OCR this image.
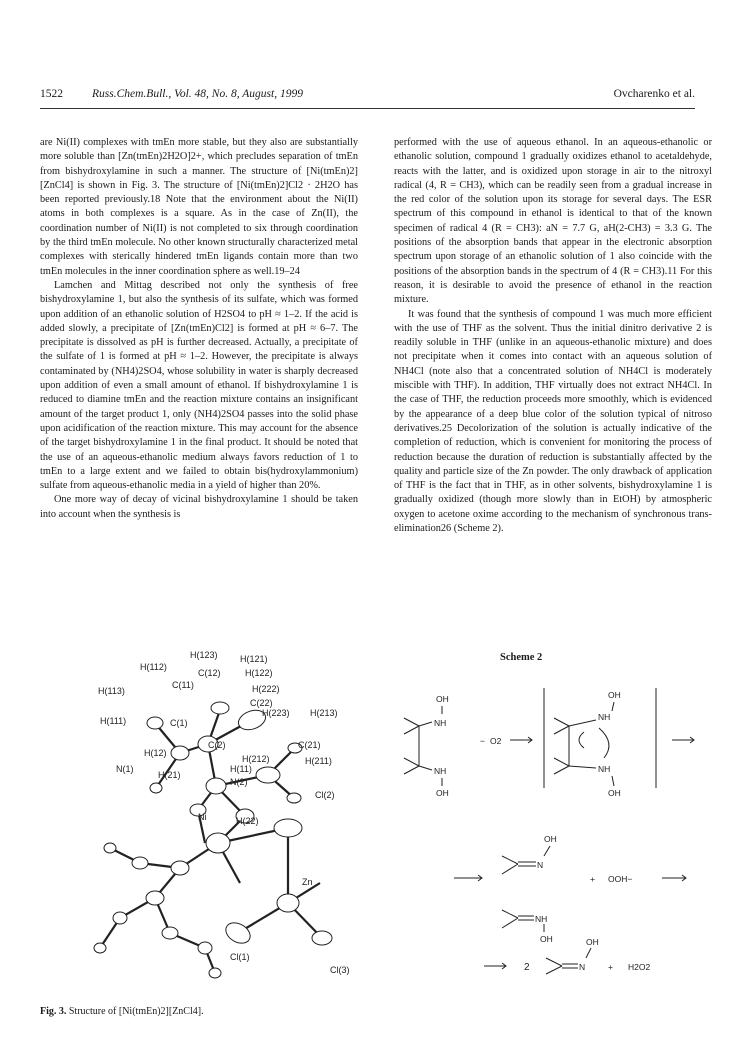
1522	Russ.Chem.Bull., Vol. 48, No. 8, August, 1999	Ovcharenko et al.

are Ni(II) complexes with tmEn more stable, but they also are substantially more soluble than [Zn(tmEn)2H2O]2+, which precludes separation of tmEn from bishydroxylamine in such a manner. The structure of [Ni(tmEn)2][ZnCl4] is shown in Fig. 3. The structure of [Ni(tmEn)2]Cl2 · 2H2O has been reported previously.18 Note that the environment about the Ni(II) atoms in both complexes is a square. As in the case of Zn(II), the coordination number of Ni(II) is not completed to six through coordination by the third tmEn molecule. No other known structurally characterized metal complexes with sterically hindered tmEn ligands contain more than two tmEn molecules in the inner coordination sphere as well.19–24

Lamchen and Mittag described not only the synthesis of free bishydroxylamine 1, but also the synthesis of its sulfate, which was formed upon addition of an ethanolic solution of H2SO4 to pH ≈ 1–2. If the acid is added slowly, a precipitate of [Zn(tmEn)Cl2] is formed at pH ≈ 6–7. The precipitate is dissolved as pH is further decreased. Actually, a precipitate of the sulfate of 1 is formed at pH ≈ 1–2. However, the precipitate is always contaminated by (NH4)2SO4, whose solubility in water is sharply decreased upon addition of even a small amount of ethanol. If bishydroxylamine 1 is reduced to diamine tmEn and the reaction mixture contains an insignificant amount of the target product 1, only (NH4)2SO4 passes into the solid phase upon acidification of the reaction mixture. This may account for the absence of the target bishydroxylamine 1 in the final product. It should be noted that the use of an aqueous-ethanolic medium always favors reduction of 1 to tmEn to a large extent and we failed to obtain bis(hydroxylammonium) sulfate from aqueous-ethanolic media in a yield of higher than 20%.

One more way of decay of vicinal bishydroxylamine 1 should be taken into account when the synthesis is

performed with the use of aqueous ethanol. In an aqueous-ethanolic or ethanolic solution, compound 1 gradually oxidizes ethanol to acetaldehyde, reacts with the latter, and is oxidized upon storage in air to the nitroxyl radical (4, R = CH3), which can be readily seen from a gradual increase in the red color of the solution upon its storage for several days. The ESR spectrum of this compound in ethanol is identical to that of the known specimen of radical 4 (R = CH3): aN = 7.7 G, aH(2-CH3) = 3.3 G. The positions of the absorption bands that appear in the electronic absorption spectrum upon storage of an ethanolic solution of 1 also coincide with the positions of the absorption bands in the spectrum of 4 (R = CH3).11 For this reason, it is desirable to avoid the presence of ethanol in the reaction mixture.

It was found that the synthesis of compound 1 was much more efficient with the use of THF as the solvent. Thus the initial dinitro derivative 2 is readily soluble in THF (unlike in an aqueous-ethanolic mixture) and does not precipitate when it comes into contact with an aqueous solution of NH4Cl (note also that a concentrated solution of NH4Cl is moderately miscible with THF). In addition, THF virtually does not extract NH4Cl. In the case of THF, the reduction proceeds more smoothly, which is evidenced by the appearance of a deep blue color of the solution typical of nitroso derivatives.25 Decolorization of the solution is actually indicative of the completion of reduction, which is convenient for monitoring the process of reduction because the duration of reduction is substantially affected by the quality and particle size of the Zn powder. The only drawback of application of THF is the fact that in THF, as in other solvents, bishydroxylamine 1 is gradually oxidized (though more slowly than in EtOH) by atmospheric oxygen to acetone oxime according to the mechanism of synchronous trans-elimination26 (Scheme 2).

H(123) H(121)
H(112)
C(12)	H(122)
H(113)
C(11)	H(222)
C(22)
H(223) H(213)
H(111)	C(1)
C(2)	C(21)
H(12)
H(212)	H(211)
N(1)
H(21)
H(11)
N(2)
Cl(2)
Ni	H(22)
Zn
Cl(1)
Cl(3)
Fig. 3. Structure of [Ni(tmEn)2][ZnCl4].
Scheme 2
OH
NH
NH
OH
− O2
OH
NH
NH
OH
OH
N
+ OOH−
NH
OH
2
OH
N	+ H2O2
